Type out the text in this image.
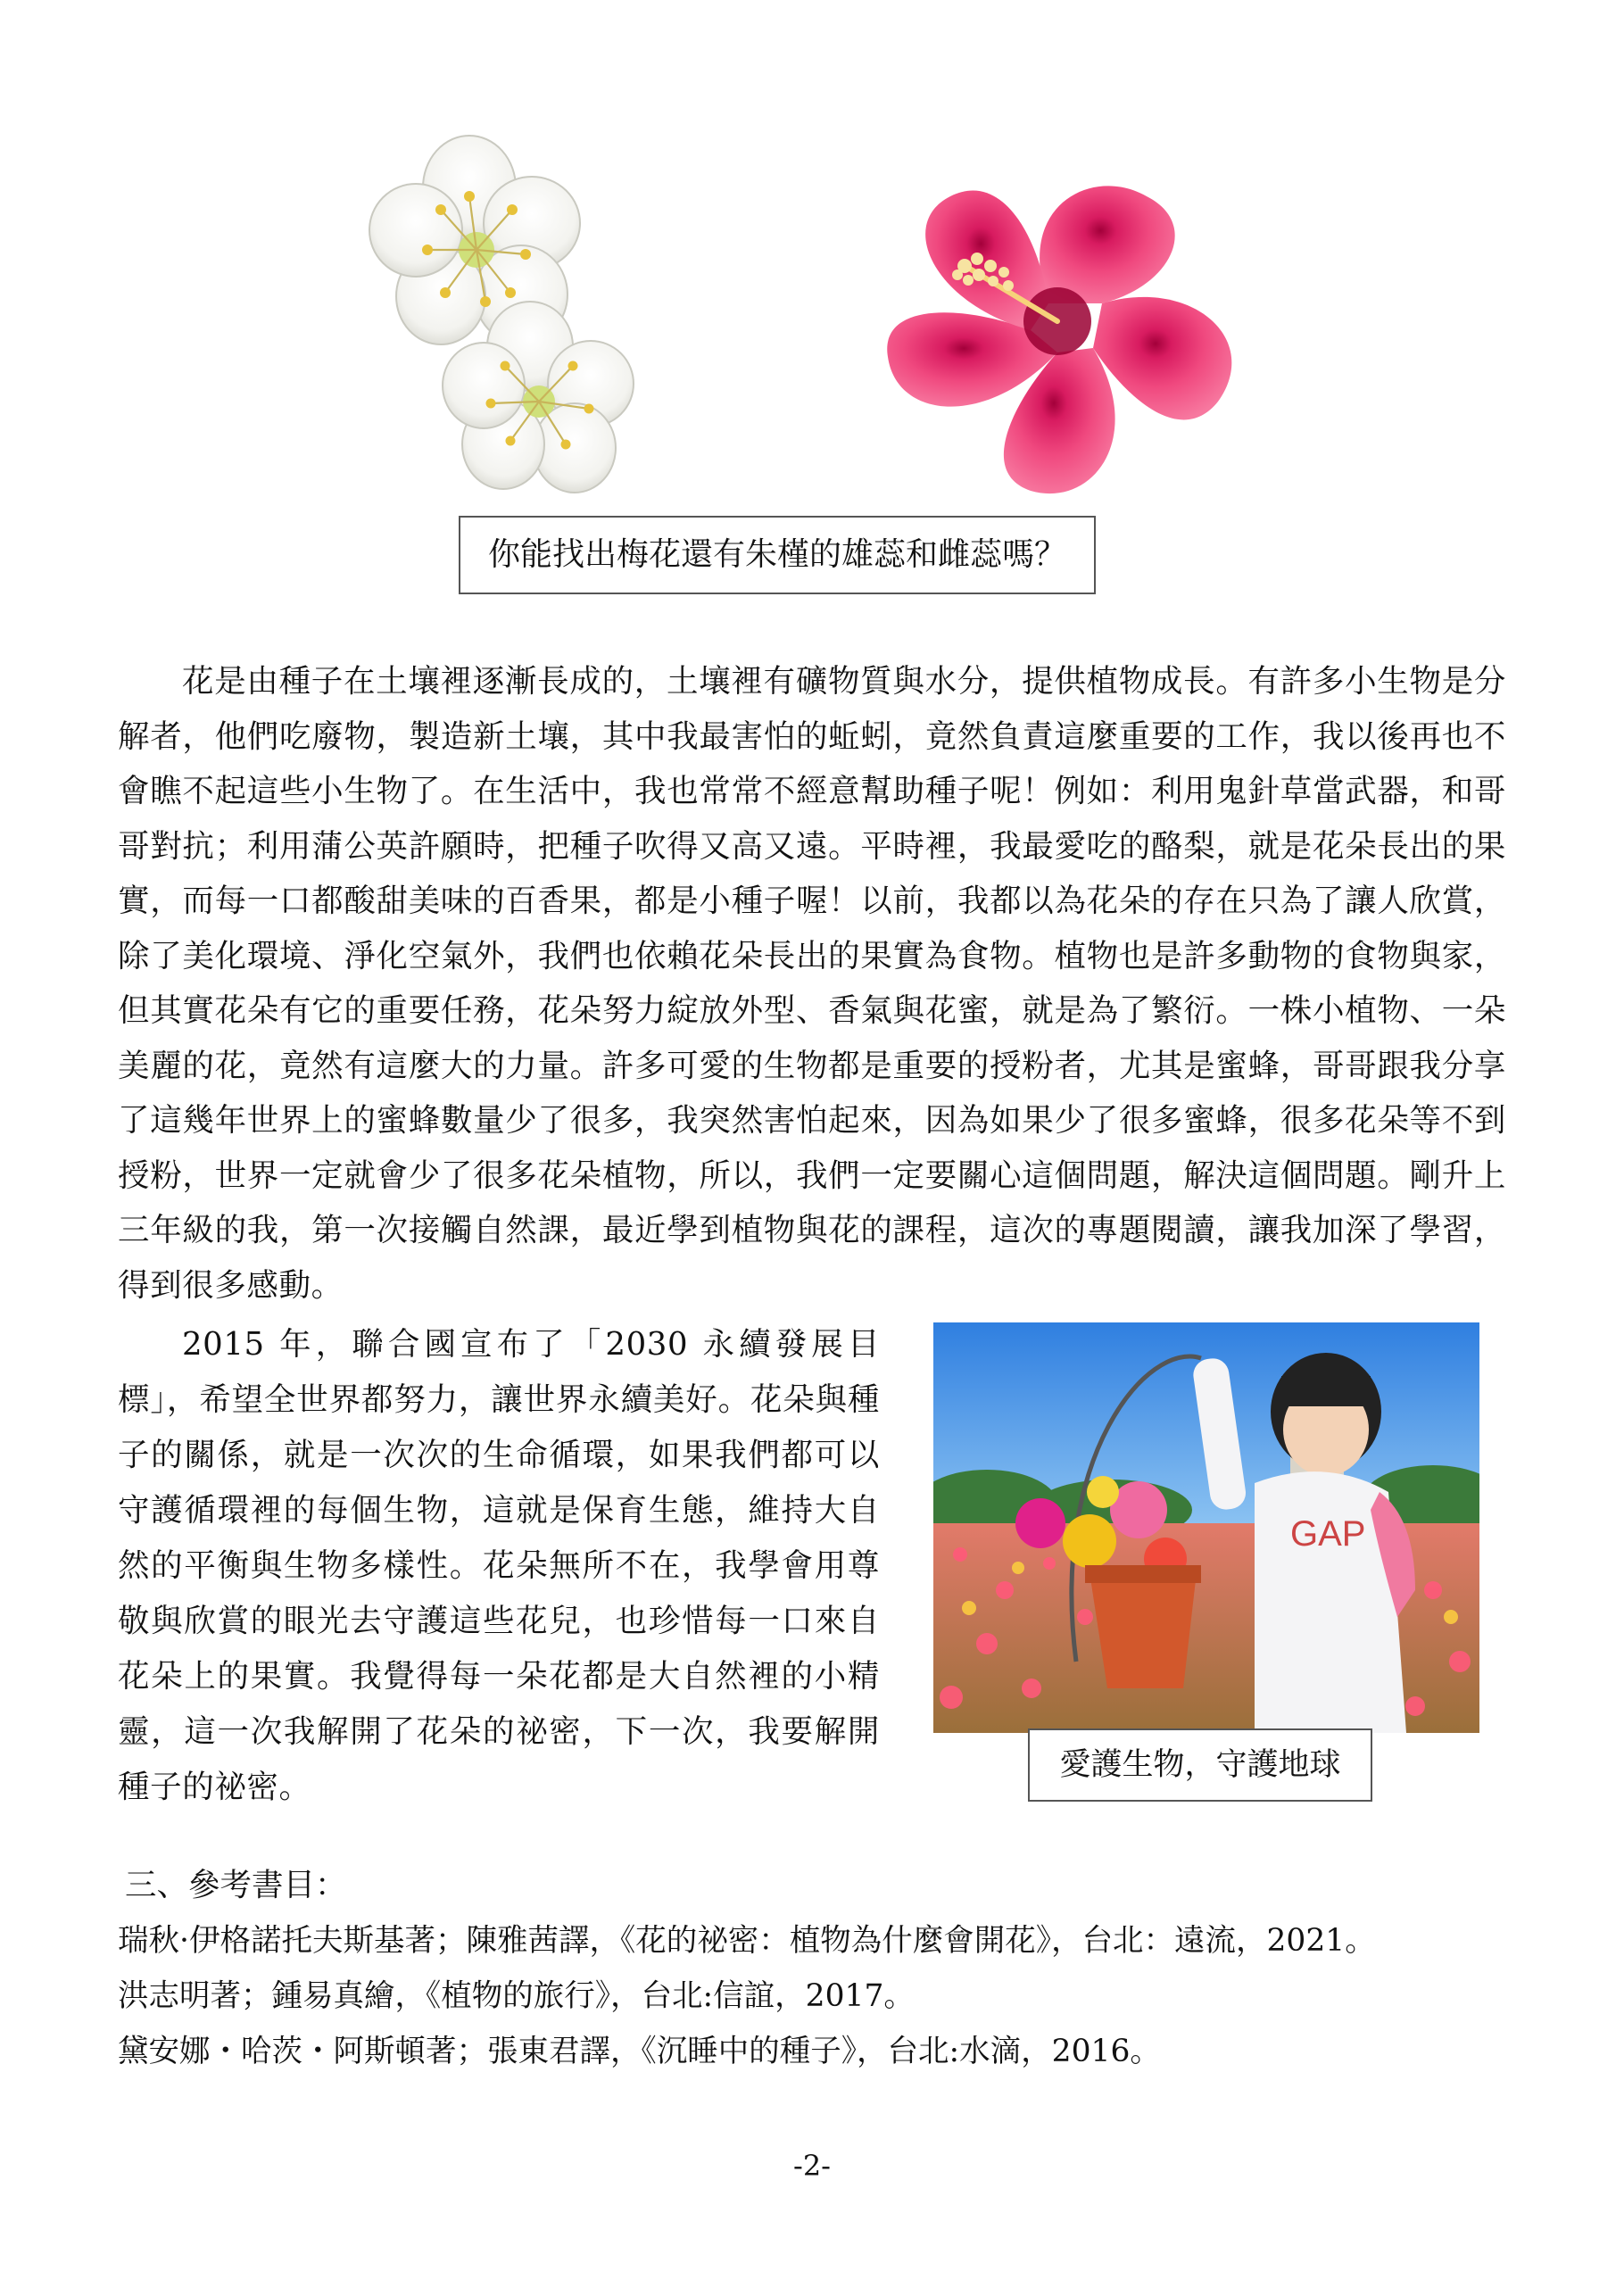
你能找出梅花還有朱槿的雄蕊和雌蕊嗎？
花是由種子在土壤裡逐漸長成的，土壤裡有礦物質與水分，提供植物成長。有許多小生物是分解者，他們吃廢物，製造新土壤，其中我最害怕的蚯蚓，竟然負責這麼重要的工作，我以後再也不會瞧不起這些小生物了。在生活中，我也常常不經意幫助種子呢！例如：利用鬼針草當武器，和哥哥對抗；利用蒲公英許願時，把種子吹得又高又遠。平時裡，我最愛吃的酪梨，就是花朵長出的果實，而每一口都酸甜美味的百香果，都是小種子喔！以前，我都以為花朵的存在只為了讓人欣賞，除了美化環境、淨化空氣外，我們也依賴花朵長出的果實為食物。植物也是許多動物的食物與家，但其實花朵有它的重要任務，花朵努力綻放外型、香氣與花蜜，就是為了繁衍。一株小植物、一朵美麗的花，竟然有這麼大的力量。許多可愛的生物都是重要的授粉者，尤其是蜜蜂，哥哥跟我分享了這幾年世界上的蜜蜂數量少了很多，我突然害怕起來，因為如果少了很多蜜蜂，很多花朵等不到授粉，世界一定就會少了很多花朵植物，所以，我們一定要關心這個問題，解決這個問題。剛升上三年級的我，第一次接觸自然課，最近學到植物與花的課程，這次的專題閱讀，讓我加深了學習，得到很多感動。
2015 年，聯合國宣布了「2030 永續發展目標」，希望全世界都努力，讓世界永續美好。花朵與種子的關係，就是一次次的生命循環，如果我們都可以守護循環裡的每個生物，這就是保育生態，維持大自然的平衡與生物多樣性。花朵無所不在，我學會用尊敬與欣賞的眼光去守護這些花兒，也珍惜每一口來自花朵上的果實。我覺得每一朵花都是大自然裡的小精靈，這一次我解開了花朵的祕密，下一次，我要解開種子的祕密。
GAP
愛護生物，守護地球
三、參考書目：
瑞秋·伊格諾托夫斯基著；陳雅茜譯，《花的祕密：植物為什麼會開花》，台北：遠流，2021。
洪志明著；鍾易真繪，《植物的旅行》，台北:信誼，2017。
黛安娜・哈茨・阿斯頓著；張東君譯，《沉睡中的種子》，台北:水滴，2016。
-2-
